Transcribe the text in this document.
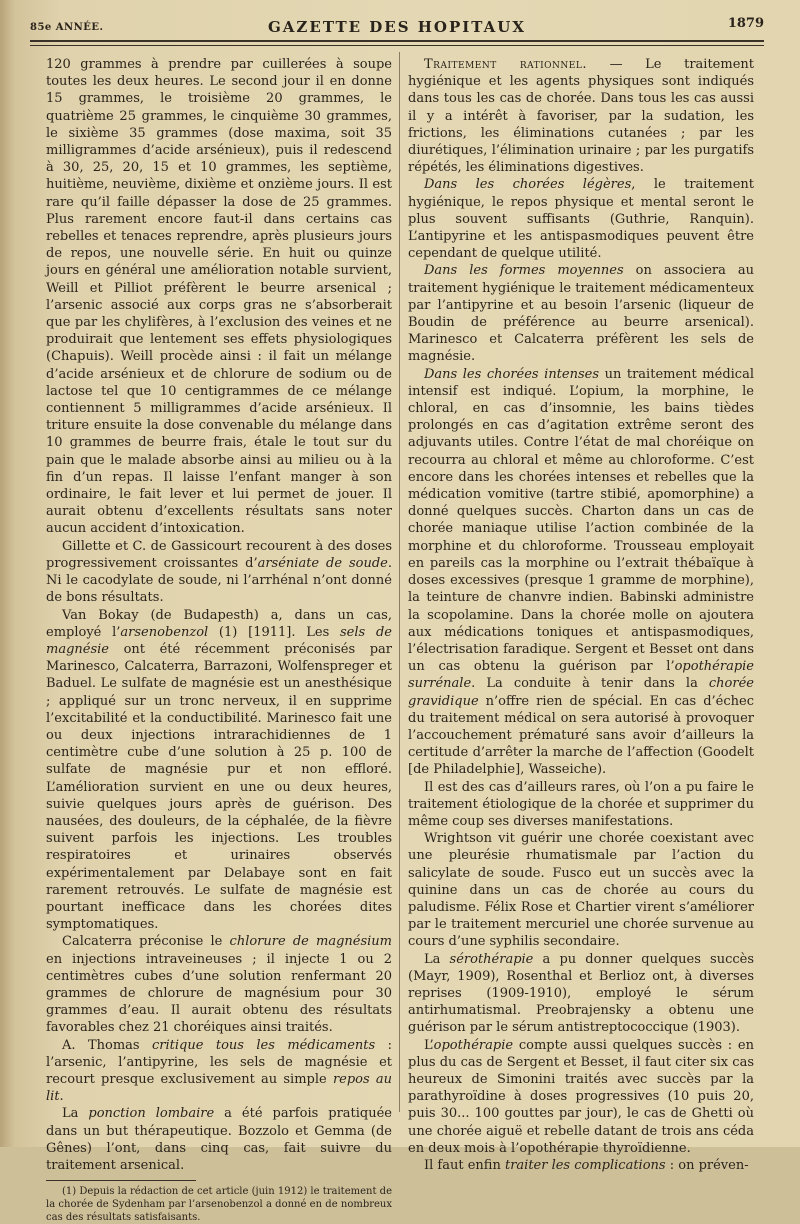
85e ANNÉE.	GAZETTE DES HOPITAUX	1879

120 grammes à prendre par cuillerées à soupe toutes les deux heures. Le second jour il en donne 15 grammes, le troisième 20 grammes, le quatrième 25 grammes, le cinquième 30 grammes, le sixième 35 grammes (dose maxima, soit 35 milligrammes d’acide arsénieux), puis il redescend à 30, 25, 20, 15 et 10 grammes, les septième, huitième, neuvième, dixième et onzième jours. Il est rare qu’il faille dépasser la dose de 25 grammes. Plus rarement encore faut-il dans certains cas rebelles et tenaces reprendre, après plusieurs jours de repos, une nouvelle série. En huit ou quinze jours en général une amélioration notable survient, Weill et Pilliot préfèrent le beurre arsenical ; l’arsenic associé aux corps gras ne s’absorberait que par les chylifères, à l’exclusion des veines et ne produirait que lentement ses effets physiologiques (Chapuis). Weill procède ainsi : il fait un mélange d’acide arsénieux et de chlorure de sodium ou de lactose tel que 10 centigrammes de ce mélange contiennent 5 milligrammes d’acide arsénieux. Il triture ensuite la dose convenable du mélange dans 10 grammes de beurre frais, étale le tout sur du pain que le malade absorbe ainsi au milieu ou à la fin d’un repas. Il laisse l’enfant manger à son ordinaire, le fait lever et lui permet de jouer. Il aurait obtenu d’excellents résultats sans noter aucun accident d’intoxication.

Gillette et C. de Gassicourt recourent à des doses progressivement croissantes d’arséniate de soude. Ni le cacodylate de soude, ni l’arrhénal n’ont donné de bons résultats.

Van Bokay (de Budapesth) a, dans un cas, employé l’arsenobenzol (1) [1911]. Les sels de magnésie ont été récemment préconisés par Marinesco, Calcaterra, Barrazoni, Wolfenspreger et Baduel. Le sulfate de magnésie est un anesthésique ; appliqué sur un tronc nerveux, il en supprime l’excitabilité et la conductibilité. Marinesco fait une ou deux injections intrarachidiennes de 1 centimètre cube d’une solution à 25 p. 100 de sulfate de magnésie pur et non effloré. L’amélioration survient en une ou deux heures, suivie quelques jours après de guérison. Des nausées, des douleurs, de la céphalée, de la fièvre suivent parfois les injections. Les troubles respiratoires et urinaires observés expérimentalement par Delabaye sont en fait rarement retrouvés. Le sulfate de magnésie est pourtant inefficace dans les chorées dites symptomatiques.

Calcaterra préconise le chlorure de magnésium en injections intraveineuses ; il injecte 1 ou 2 centimètres cubes d’une solution renfermant 20 grammes de chlorure de magnésium pour 30 grammes d’eau. Il aurait obtenu des résultats favorables chez 21 choréiques ainsi traités.

A. Thomas critique tous les médicaments : l’arsenic, l’antipyrine, les sels de magnésie et recourt presque exclusivement au simple repos au lit.

La ponction lombaire a été parfois pratiquée dans un but thérapeutique. Bozzolo et Gemma (de Gênes) l’ont, dans cinq cas, fait suivre du traitement arsenical.

(1) Depuis la rédaction de cet article (juin 1912) le traitement de la chorée de Sydenham par l’arsenobenzol a donné en de nombreux cas des résultats satisfaisants.

Traitement rationnel. — Le traitement hygiénique et les agents physiques sont indiqués dans tous les cas de chorée. Dans tous les cas aussi il y a intérêt à favoriser, par la sudation, les frictions, les éliminations cutanées ; par les diurétiques, l’élimination urinaire ; par les purgatifs répétés, les éliminations digestives.

Dans les chorées légères, le traitement hygiénique, le repos physique et mental seront le plus souvent suffisants (Guthrie, Ranquin). L’antipyrine et les antispasmodiques peuvent être cependant de quelque utilité.

Dans les formes moyennes on associera au traitement hygiénique le traitement médicamenteux par l’antipyrine et au besoin l’arsenic (liqueur de Boudin de préférence au beurre arsenical). Marinesco et Calcaterra préfèrent les sels de magnésie.

Dans les chorées intenses un traitement médical intensif est indiqué. L’opium, la morphine, le chloral, en cas d’insomnie, les bains tièdes prolongés en cas d’agitation extrême seront des adjuvants utiles. Contre l’état de mal choréique on recourra au chloral et même au chloroforme. C’est encore dans les chorées intenses et rebelles que la médication vomitive (tartre stibié, apomorphine) a donné quelques succès. Charton dans un cas de chorée maniaque utilise l’action combinée de la morphine et du chloroforme. Trousseau employait en pareils cas la morphine ou l’extrait thébaïque à doses excessives (presque 1 gramme de morphine), la teinture de chanvre indien. Babinski administre la scopolamine. Dans la chorée molle on ajoutera aux médications toniques et antispasmodiques, l’électrisation faradique. Sergent et Besset ont dans un cas obtenu la guérison par l’opothérapie surrénale. La conduite à tenir dans la chorée gravidique n’offre rien de spécial. En cas d’échec du traitement médical on sera autorisé à provoquer l’accouchement prématuré sans avoir d’ailleurs la certitude d’arrêter la marche de l’affection (Goodelt [de Philadelphie], Wasseiche).

Il est des cas d’ailleurs rares, où l’on a pu faire le traitement étiologique de la chorée et supprimer du même coup ses diverses manifestations.

Wrightson vit guérir une chorée coexistant avec une pleurésie rhumatismale par l’action du salicylate de soude. Fusco eut un succès avec la quinine dans un cas de chorée au cours du paludisme. Félix Rose et Chartier virent s’améliorer par le traitement mercuriel une chorée survenue au cours d’une syphilis secondaire.

La sérothérapie a pu donner quelques succès (Mayr, 1909), Rosenthal et Berlioz ont, à diverses reprises (1909-1910), employé le sérum antirhumatismal. Preobrajensky a obtenu une guérison par le sérum antistreptococcique (1903).

L’opothérapie compte aussi quelques succès : en plus du cas de Sergent et Besset, il faut citer six cas heureux de Simonini traités avec succès par la parathyroïdine à doses progressives (10 puis 20, puis 30... 100 gouttes par jour), le cas de Ghetti où une chorée aiguë et rebelle datant de trois ans céda en deux mois à l’opothérapie thyroïdienne.

Il faut enfin traiter les complications : on préven-
